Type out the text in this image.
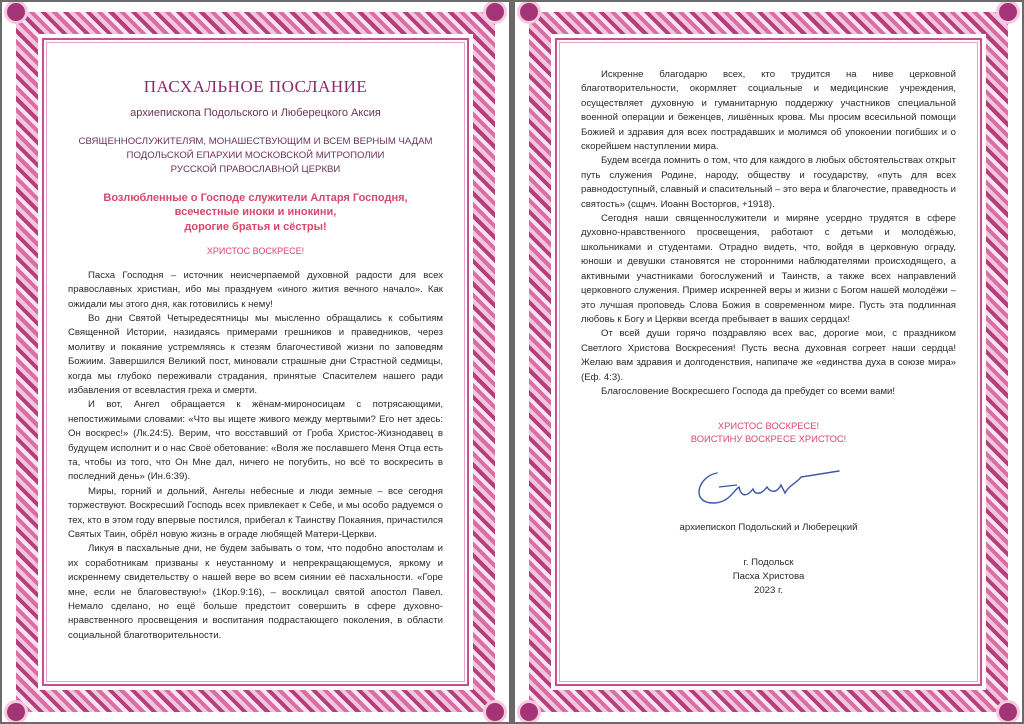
ПАСХАЛЬНОЕ ПОСЛАНИЕ
архиепископа Подольского и Люберецкого Аксия
СВЯЩЕННОСЛУЖИТЕЛЯМ, МОНАШЕСТВУЮЩИМ И ВСЕМ ВЕРНЫМ ЧАДАМ
ПОДОЛЬСКОЙ ЕПАРХИИ МОСКОВСКОЙ МИТРОПОЛИИ
РУССКОЙ ПРАВОСЛАВНОЙ ЦЕРКВИ
Возлюбленные о Господе служители Алтаря Господня,
всечестные иноки и инокини,
дорогие братья и сёстры!
ХРИСТОС ВОСКРЕСЕ!

Пасха Господня – источник неисчерпаемой духовной радости для всех православных христиан, ибо мы празднуем «иного жития вечного начало». Как ожидали мы этого дня, как готовились к нему!

Во дни Святой Четыредесятницы мы мысленно обращались к событиям Священной Истории, назидаясь примерами грешников и праведников, через молитву и покаяние устремляясь к стезям благочестивой жизни по заповедям Божиим. Завершился Великий пост, миновали страшные дни Страстной седмицы, когда мы глубоко переживали страдания, принятые Спасителем нашего ради избавления от всевластия греха и смерти.

И вот, Ангел обращается к жёнам-мироносицам с потрясающими, непостижимыми словами: «Что вы ищете живого между мертвыми? Его нет здесь: Он воскрес!» (Лк.24:5). Верим, что восставший от Гроба Христос-Жизнодавец в будущем исполнит и о нас Своё обетование: «Воля же пославшего Меня Отца есть та, чтобы из того, что Он Мне дал, ничего не погубить, но всё то воскресить в последний день» (Ин.6:39).

Миры, горний и дольний, Ангелы небесные и люди земные – все сегодня торжествуют. Воскресший Господь всех привлекает к Себе, и мы особо радуемся о тех, кто в этом году впервые постился, прибегал к Таинству Покаяния, причастился Святых Таин, обрёл новую жизнь в ограде любящей Матери-Церкви.

Ликуя в пасхальные дни, не будем забывать о том, что подобно апостолам и их соработникам призваны к неустанному и непрекращающемуся, яркому и искреннему свидетельству о нашей вере во всем сиянии её пасхальности. «Горе мне, если не благовествую!» (1Кор.9:16), – восклицал святой апостол Павел. Немало сделано, но ещё больше предстоит совершить в сфере духовно-нравственного просвещения и воспитания подрастающего поколения, в области социальной благотворительности.

Искренне благодарю всех, кто трудится на ниве церковной благотворительности, окормляет социальные и медицинские учреждения, осуществляет духовную и гуманитарную поддержку участников специальной военной операции и беженцев, лишённых крова. Мы просим всесильной помощи Божией и здравия для всех пострадавших и молимся об упокоении погибших и о скорейшем наступлении мира.

Будем всегда помнить о том, что для каждого в любых обстоятельствах открыт путь служения Родине, народу, обществу и государству, «путь для всех равнодоступный, славный и спасительный – это вера и благочестие, праведность и святость» (сщмч. Иоанн Восторгов, +1918).

Сегодня наши священнослужители и миряне усердно трудятся в сфере духовно-нравственного просвещения, работают с детьми и молодёжью, школьниками и студентами. Отрадно видеть, что, войдя в церковную ограду, юноши и девушки становятся не сторонними наблюдателями происходящего, а активными участниками богослужений и Таинств, а также всех направлений церковного служения. Пример искренней веры и жизни с Богом нашей молодёжи – это лучшая проповедь Слова Божия в современном мире. Пусть эта подлинная любовь к Богу и Церкви всегда пребывает в ваших сердцах!

От всей души горячо поздравляю всех вас, дорогие мои, с праздником Светлого Христова Воскресения! Пусть весна духовная согреет наши сердца! Желаю вам здравия и долгоденствия, напипаче же «единства духа в союзе мира» (Еф. 4:3).

Благословение Воскресшего Господа да пребудет со всеми вами!

ХРИСТОС ВОСКРЕСЕ!
ВОИСТИНУ ВОСКРЕСЕ ХРИСТОС!
архиепископ Подольский и Люберецкий
г. Подольск
Пасха Христова
2023 г.
